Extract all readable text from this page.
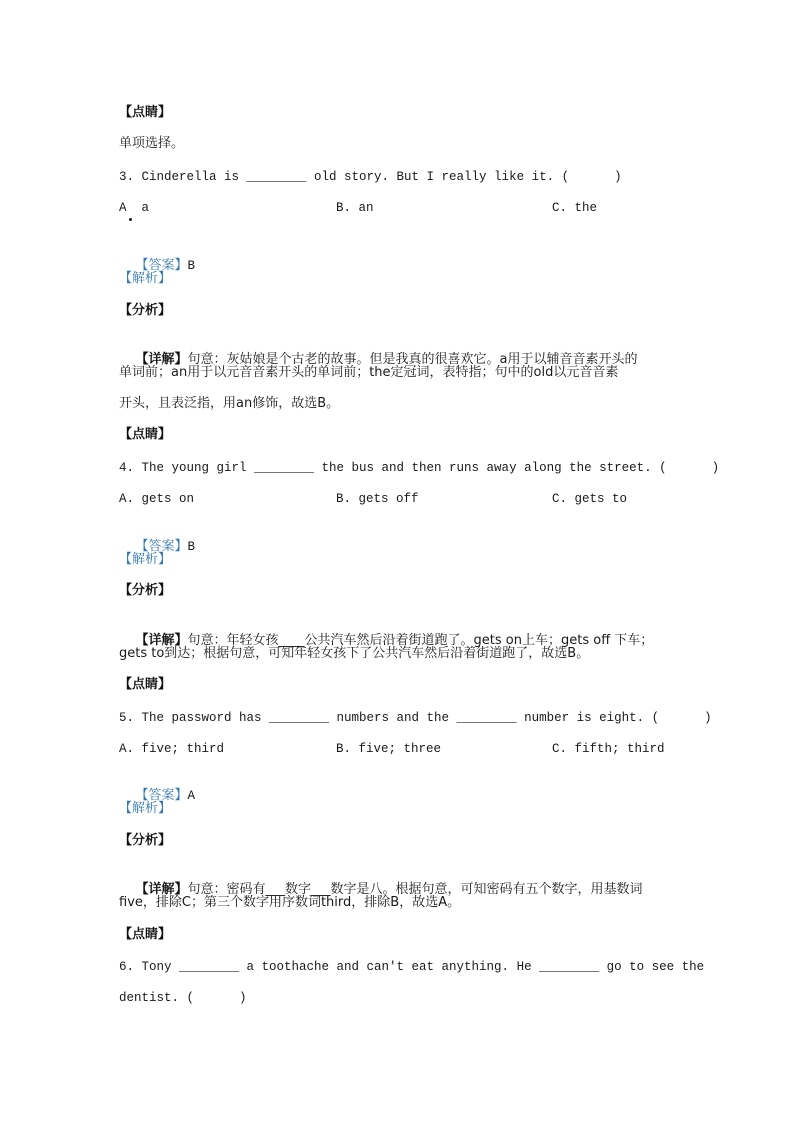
【点睛】
单项选择。
3. Cinderella is ________ old story. But I really like it. (      )
A  a	B. an	C. the

【答案】B

【解析】
【分析】

【详解】句意：灰姑娘是个古老的故事。但是我真的很喜欢它。a用于以辅音音素开头的

单词前；an用于以元音音素开头的单词前；the定冠词，表特指；句中的old以元音音素
开头，且表泛指，用an修饰，故选B。
【点睛】
4. The young girl ________ the bus and then runs away along the street. (      )
A. gets on	B. gets off	C. gets to

【答案】B

【解析】
【分析】

【详解】句意：年轻女孩____公共汽车然后沿着街道跑了。gets on上车；gets off 下车；

gets to到达；根据句意，可知年轻女孩下了公共汽车然后沿着街道跑了，故选B。
【点睛】
5. The password has ________ numbers and the ________ number is eight. (      )
A. five; third	B. five; three	C. fifth; third

【答案】A

【解析】
【分析】

【详解】句意：密码有___数字___数字是八。根据句意，可知密码有五个数字，用基数词

five，排除C；第三个数字用序数词third，排除B，故选A。
【点睛】
6. Tony ________ a toothache and can't eat anything. He ________ go to see the
dentist. (      )
